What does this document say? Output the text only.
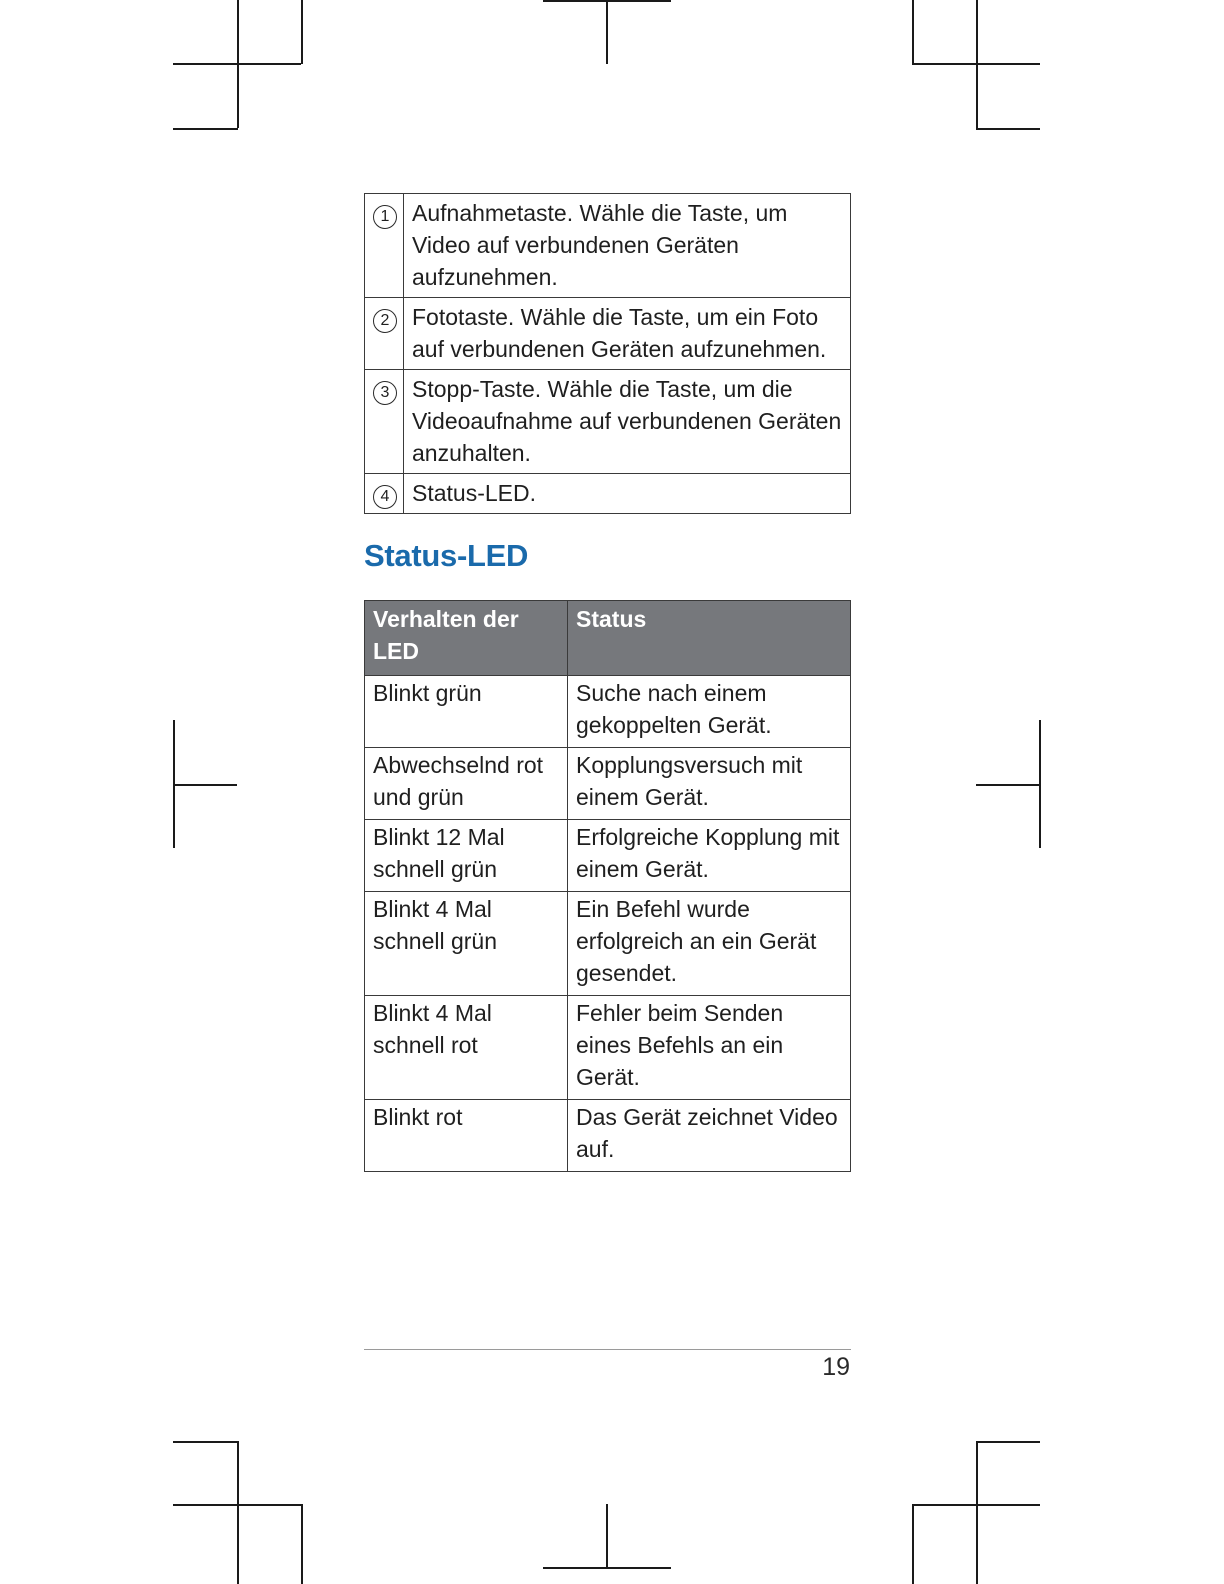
1	Aufnahmetaste. Wähle die Taste, um Video auf verbundenen Geräten aufzunehmen.
2	Fototaste. Wähle die Taste, um ein Foto auf verbundenen Geräten aufzunehmen.
3	Stopp-Taste. Wähle die Taste, um die Videoaufnahme auf verbundenen Geräten anzuhalten.
4	Status-LED.
Status-LED
Verhalten der LED	Status
Blinkt grün	Suche nach einem gekoppelten Gerät.
Abwechselnd rot und grün	Kopplungsversuch mit einem Gerät.
Blinkt 12 Mal schnell grün	Erfolgreiche Kopplung mit einem Gerät.
Blinkt 4 Mal schnell grün	Ein Befehl wurde erfolgreich an ein Gerät gesendet.
Blinkt 4 Mal schnell rot	Fehler beim Senden eines Befehls an ein Gerät.
Blinkt rot	Das Gerät zeichnet Video auf.
19
